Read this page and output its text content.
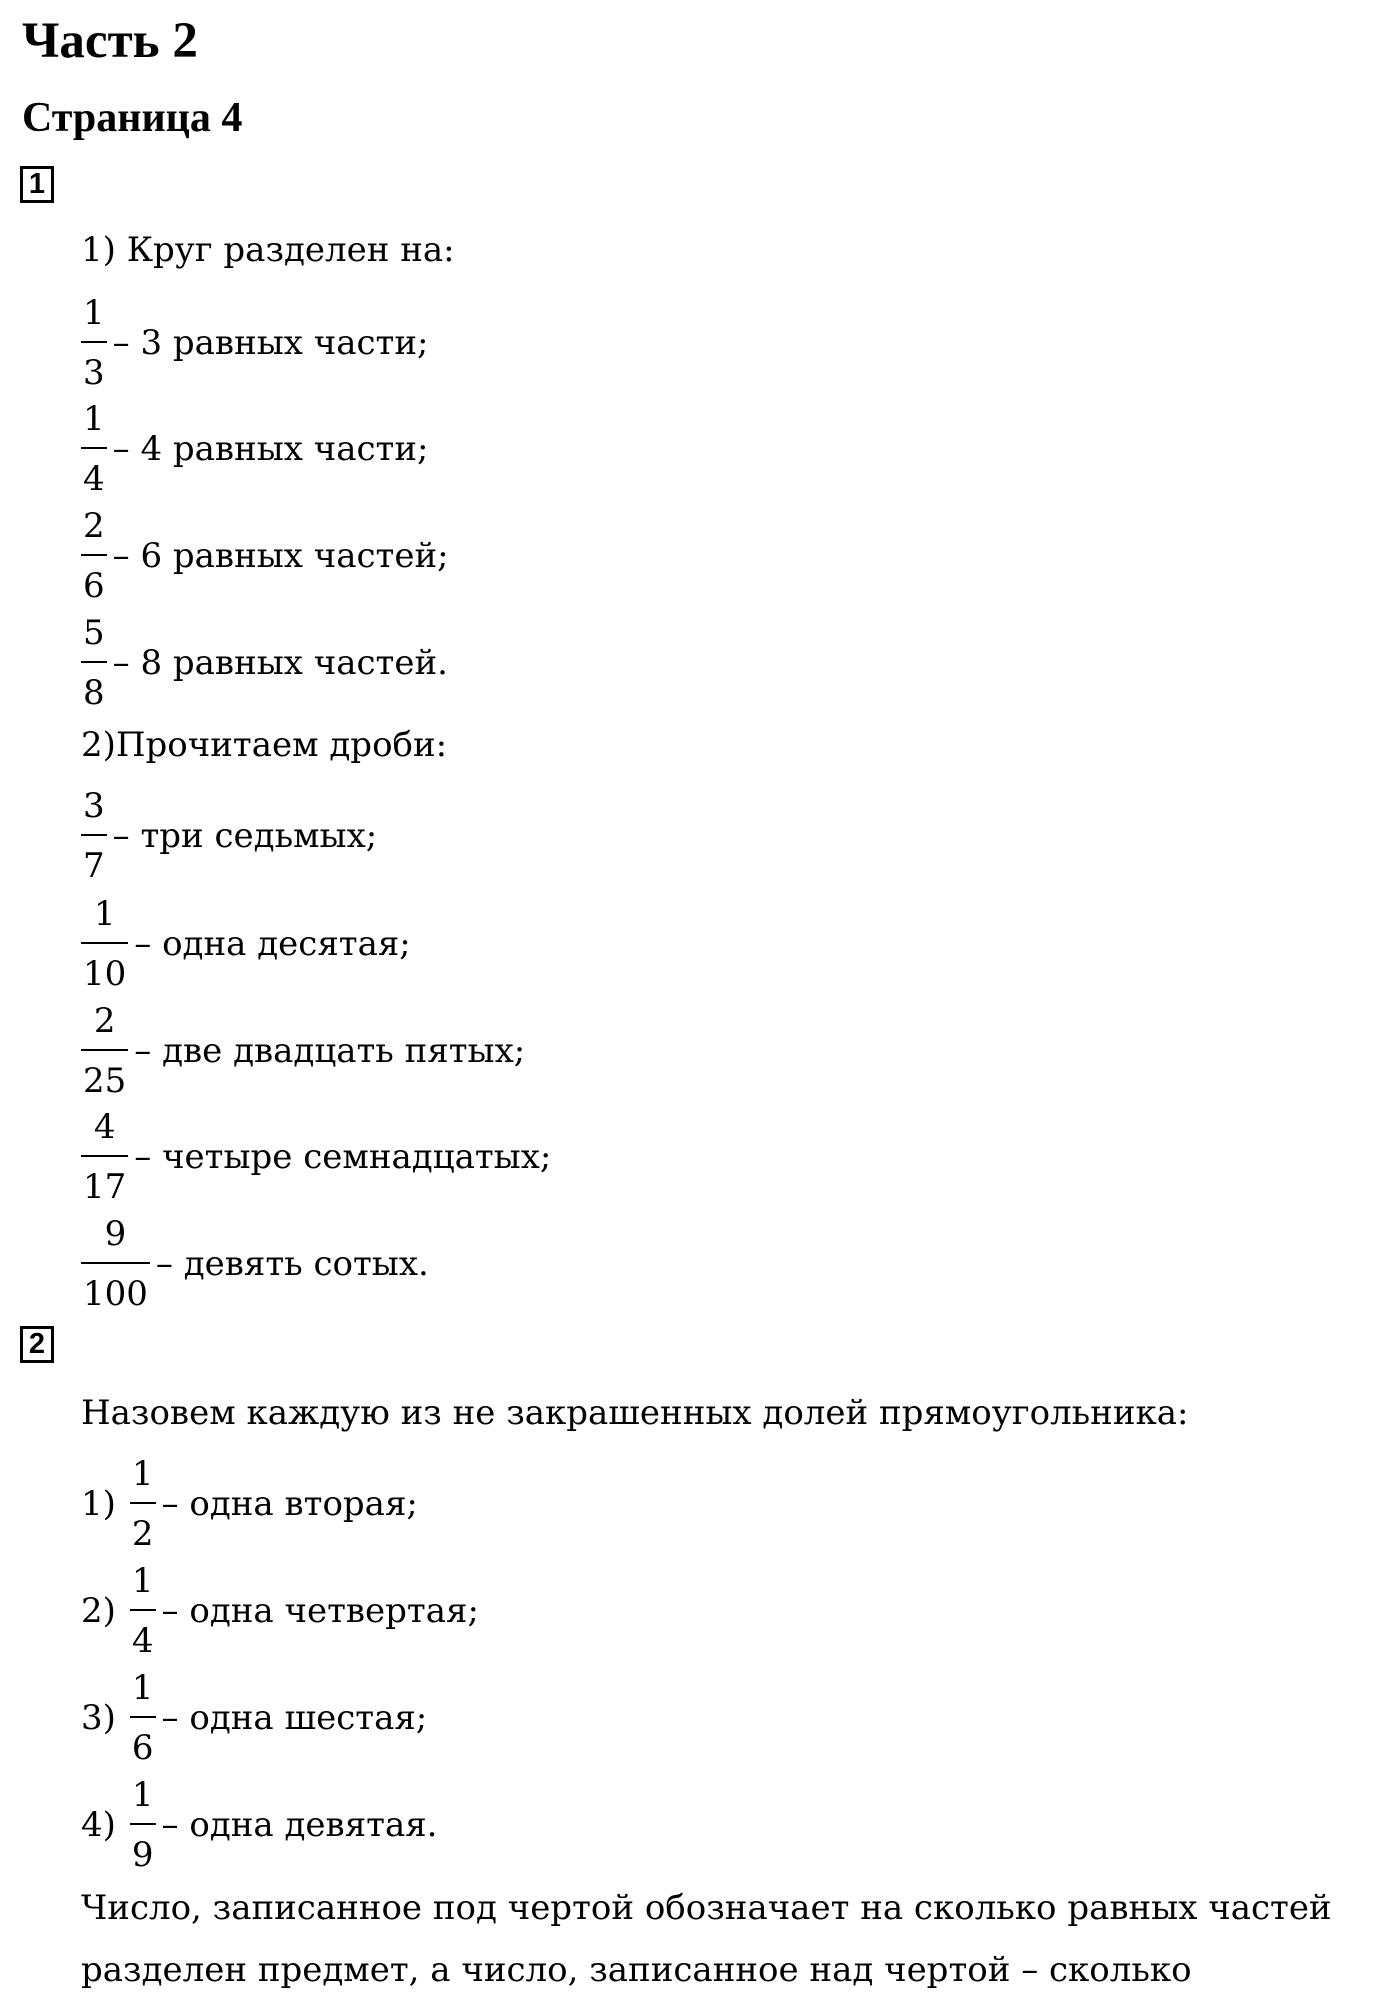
Часть 2
Страница 4
1
1) Круг разделен на:
$\frac{1}{3} - 3$ равных части;
$\frac{1}{4} - 4$ равных части;
$\frac{2}{6} - 6$ равных частей;
$\frac{5}{8} - 8$ равных частей.
2)Прочитаем дроби:
$\frac{3}{7}$ – три седьмых;
$\frac{1}{10}$ – одна десятая;
$\frac{2}{25}$ – две двадцать пятых;
$\frac{4}{17}$ – четыре семнадцатых;
$\frac{9}{100}$ – девять сотых.
2
Назовем каждую из не закрашенных долей прямоугольника:
$1) \frac{1}{2}$ – одна вторая;
$2) \frac{1}{4}$ – одна четвертая;
$3) \frac{1}{6}$ – одна шестая;
$4) \frac{1}{9}$ – одна девятая.
Число, записанное под чертой обозначает на сколько равных частей
разделен предмет, а число, записанное над чертой – сколько
